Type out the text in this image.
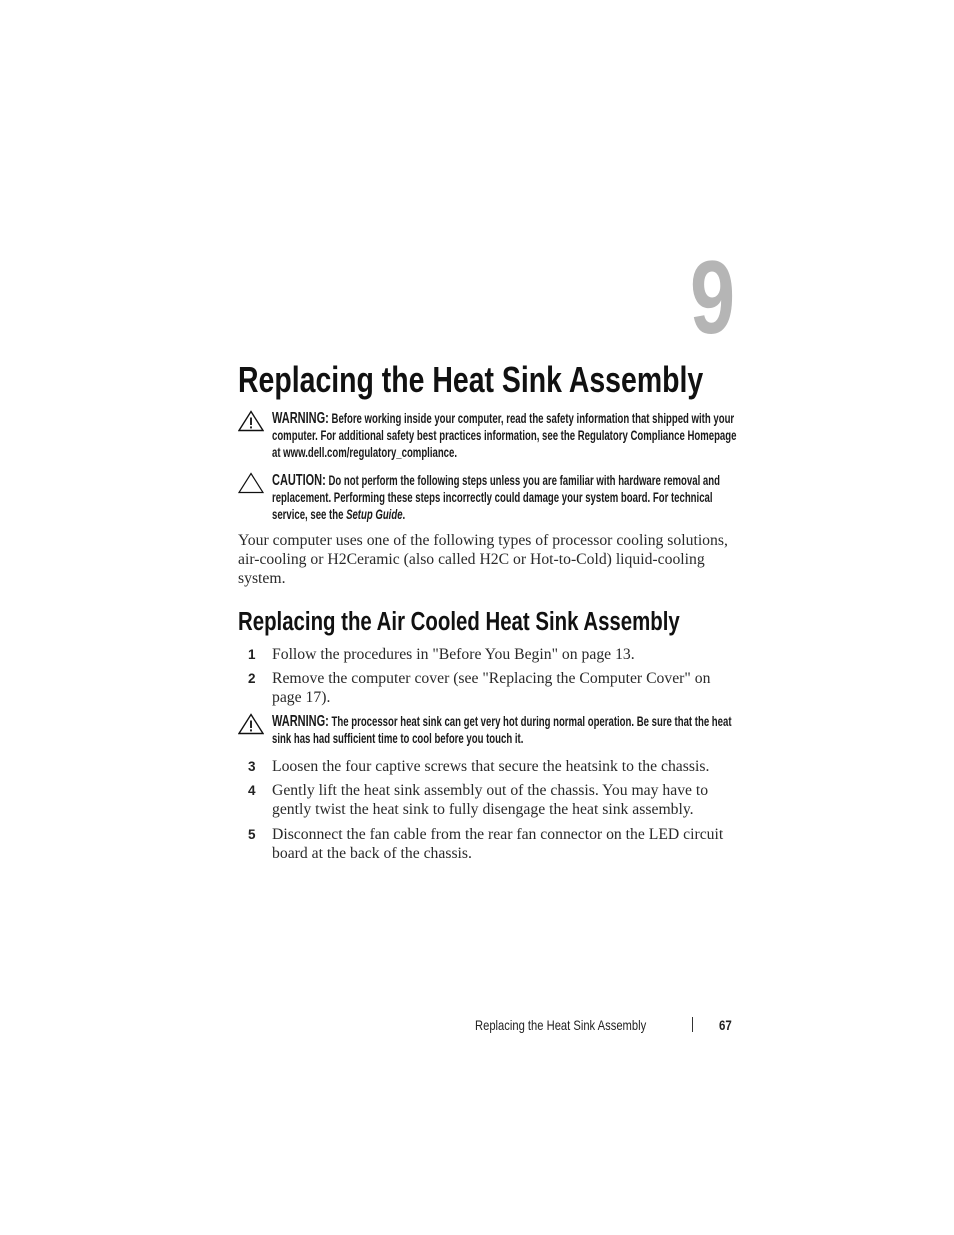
9
Replacing the Heat Sink Assembly
WARNING: Before working inside your computer, read the safety information that shipped with your computer. For additional safety best practices information, see the Regulatory Compliance Homepage at www.dell.com/regulatory_compliance.
CAUTION: Do not perform the following steps unless you are familiar with hardware removal and replacement. Performing these steps incorrectly could damage your system board. For technical service, see the Setup Guide.
Your computer uses one of the following types of processor cooling solutions, air-cooling or H2Ceramic (also called H2C or Hot-to-Cold) liquid-cooling system.
Replacing the Air Cooled Heat Sink Assembly
1 Follow the procedures in "Before You Begin" on page 13.
2 Remove the computer cover (see "Replacing the Computer Cover" on page 17).
WARNING: The processor heat sink can get very hot during normal operation. Be sure that the heat sink has had sufficient time to cool before you touch it.
3 Loosen the four captive screws that secure the heatsink to the chassis.
4 Gently lift the heat sink assembly out of the chassis. You may have to gently twist the heat sink to fully disengage the heat sink assembly.
5 Disconnect the fan cable from the rear fan connector on the LED circuit board at the back of the chassis.
Replacing the Heat Sink Assembly	67
